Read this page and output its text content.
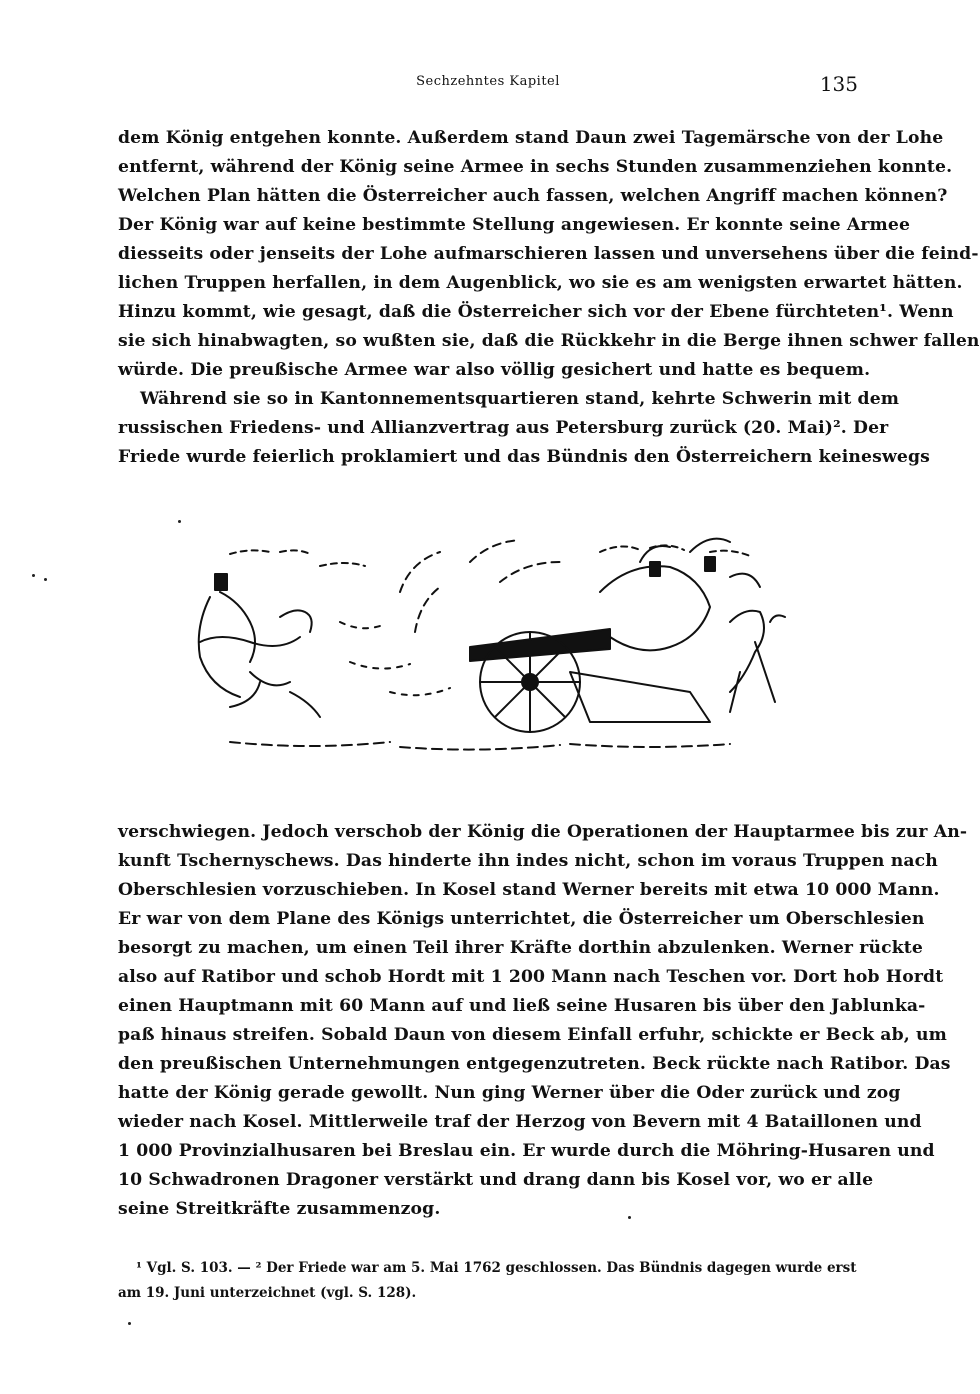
Sechzehntes Kapitel	135
dem König entgehen konnte. Außerdem stand Daun zwei Tagemärsche von der Lohe
entfernt, während der König seine Armee in sechs Stunden zusammenziehen konnte.
Welchen Plan hätten die Österreicher auch fassen, welchen Angriff machen können?
Der König war auf keine bestimmte Stellung angewiesen. Er konnte seine Armee
diesseits oder jenseits der Lohe aufmarschieren lassen und unversehens über die feind-
lichen Truppen herfallen, in dem Augenblick, wo sie es am wenigsten erwartet hätten.
Hinzu kommt, wie gesagt, daß die Österreicher sich vor der Ebene fürchteten¹. Wenn
sie sich hinabwagten, so wußten sie, daß die Rückkehr in die Berge ihnen schwer fallen
würde. Die preußische Armee war also völlig gesichert und hatte es bequem.
Während sie so in Kantonnementsquartieren stand, kehrte Schwerin mit dem
russischen Friedens- und Allianzvertrag aus Petersburg zurück (20. Mai)². Der
Friede wurde feierlich proklamiert und das Bündnis den Österreichern keineswegs
verschwiegen. Jedoch verschob der König die Operationen der Hauptarmee bis zur An-
kunft Tschernyschews. Das hinderte ihn indes nicht, schon im voraus Truppen nach
Oberschlesien vorzuschieben. In Kosel stand Werner bereits mit etwa 10 000 Mann.
Er war von dem Plane des Königs unterrichtet, die Österreicher um Oberschlesien
besorgt zu machen, um einen Teil ihrer Kräfte dorthin abzulenken. Werner rückte
also auf Ratibor und schob Hordt mit 1 200 Mann nach Teschen vor. Dort hob Hordt
einen Hauptmann mit 60 Mann auf und ließ seine Husaren bis über den Jablunka-
paß hinaus streifen. Sobald Daun von diesem Einfall erfuhr, schickte er Beck ab, um
den preußischen Unternehmungen entgegenzutreten. Beck rückte nach Ratibor. Das
hatte der König gerade gewollt. Nun ging Werner über die Oder zurück und zog
wieder nach Kosel. Mittlerweile traf der Herzog von Bevern mit 4 Bataillonen und
1 000 Provinzialhusaren bei Breslau ein. Er wurde durch die Möhring-Husaren und
10 Schwadronen Dragoner verstärkt und drang dann bis Kosel vor, wo er alle
seine Streitkräfte zusammenzog.
¹ Vgl. S. 103. — ² Der Friede war am 5. Mai 1762 geschlossen. Das Bündnis dagegen wurde erst
am 19. Juni unterzeichnet (vgl. S. 128).
